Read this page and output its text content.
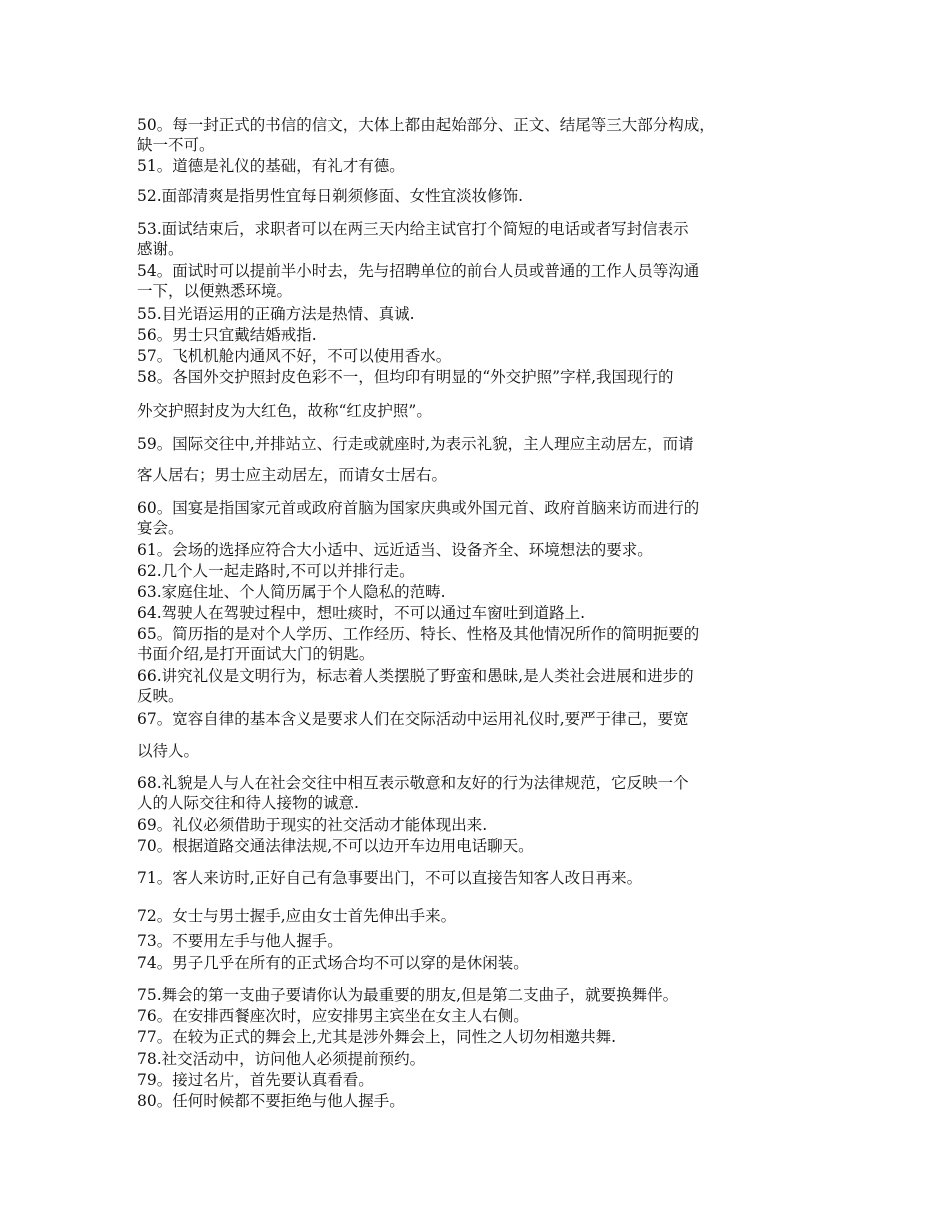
50。每一封正式的书信的信文，大体上都由起始部分、正文、结尾等三大部分构成，
缺一不可。
51。道德是礼仪的基础，有礼才有德。
52.面部清爽是指男性宜每日剃须修面、女性宜淡妆修饰.
53.面试结束后，求职者可以在两三天内给主试官打个简短的电话或者写封信表示
感谢。
54。面试时可以提前半小时去，先与招聘单位的前台人员或普通的工作人员等沟通
一下，以便熟悉环境。
55.目光语运用的正确方法是热情、真诚.
56。男士只宜戴结婚戒指.
57。飞机机舱内通风不好，不可以使用香水。
58。各国外交护照封皮色彩不一，但均印有明显的“外交护照”字样,我国现行的
外交护照封皮为大红色，故称“红皮护照”。
59。国际交往中,并排站立、行走或就座时,为表示礼貌，主人理应主动居左，而请
客人居右；男士应主动居左，而请女士居右。
60。国宴是指国家元首或政府首脑为国家庆典或外国元首、政府首脑来访而进行的
宴会。
61。会场的选择应符合大小适中、远近适当、设备齐全、环境想法的要求。
62.几个人一起走路时,不可以并排行走。
63.家庭住址、个人简历属于个人隐私的范畴.
64.驾驶人在驾驶过程中，想吐痰时，不可以通过车窗吐到道路上.
65。简历指的是对个人学历、工作经历、特长、性格及其他情况所作的简明扼要的
书面介绍,是打开面试大门的钥匙。
66.讲究礼仪是文明行为，标志着人类摆脱了野蛮和愚昧,是人类社会进展和进步的
反映。
67。宽容自律的基本含义是要求人们在交际活动中运用礼仪时,要严于律己，要宽
以待人。
68.礼貌是人与人在社会交往中相互表示敬意和友好的行为法律规范，它反映一个
人的人际交往和待人接物的诚意.
69。礼仪必须借助于现实的社交活动才能体现出来.
70。根据道路交通法律法规,不可以边开车边用电话聊天。
71。客人来访时,正好自己有急事要出门，不可以直接告知客人改日再来。
72。女士与男士握手,应由女士首先伸出手来。
73。不要用左手与他人握手。
74。男子几乎在所有的正式场合均不可以穿的是休闲装。
75.舞会的第一支曲子要请你认为最重要的朋友,但是第二支曲子，就要换舞伴。
76。在安排西餐座次时，应安排男主宾坐在女主人右侧。
77。在较为正式的舞会上,尤其是涉外舞会上，同性之人切勿相邀共舞.
78.社交活动中，访问他人必须提前预约。
79。接过名片，首先要认真看看。
80。任何时候都不要拒绝与他人握手。
